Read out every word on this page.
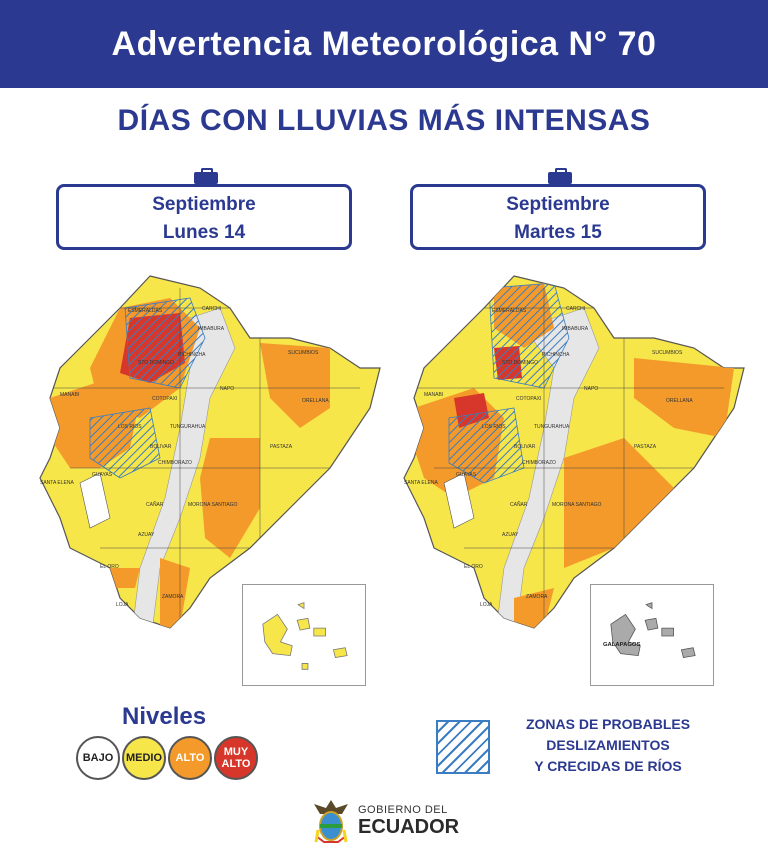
Advertencia Meteorológica N° 70
DÍAS CON LLUVIAS MÁS INTENSAS
Septiembre
Lunes 14
Septiembre
Martes 15
ESMERALDAS	CARCHI
IMBABURA
PICHINCHA
STO DOMINGO
SUCUMBIOS
MANABI
COTOPAXI
NAPO
ORELLANA
LOS RIOS	TUNGURAHUA
BOLIVAR	PASTAZA
CHIMBORAZO
SANTA ELENA
GUAYAS
CAÑAR	MORONA SANTIAGO
AZUAY
EL ORO
LOJA
ZAMORA
ESMERALDAS	CARCHI
IMBABURA
PICHINCHA
STO DOMINGO
SUCUMBIOS
MANABI
COTOPAXI
NAPO
ORELLANA
LOS RIOS	TUNGURAHUA
BOLIVAR	PASTAZA
CHIMBORAZO
SANTA ELENA
GUAYAS
CAÑAR	MORONA SANTIAGO
AZUAY
EL ORO
LOJA
ZAMORA
GALAPAGOS
Niveles
BAJO	MEDIO	ALTO	MUY
ALTO
ZONAS DE PROBABLES
DESLIZAMIENTOS
Y CRECIDAS DE RÍOS
GOBIERNO DEL
ECUADOR
